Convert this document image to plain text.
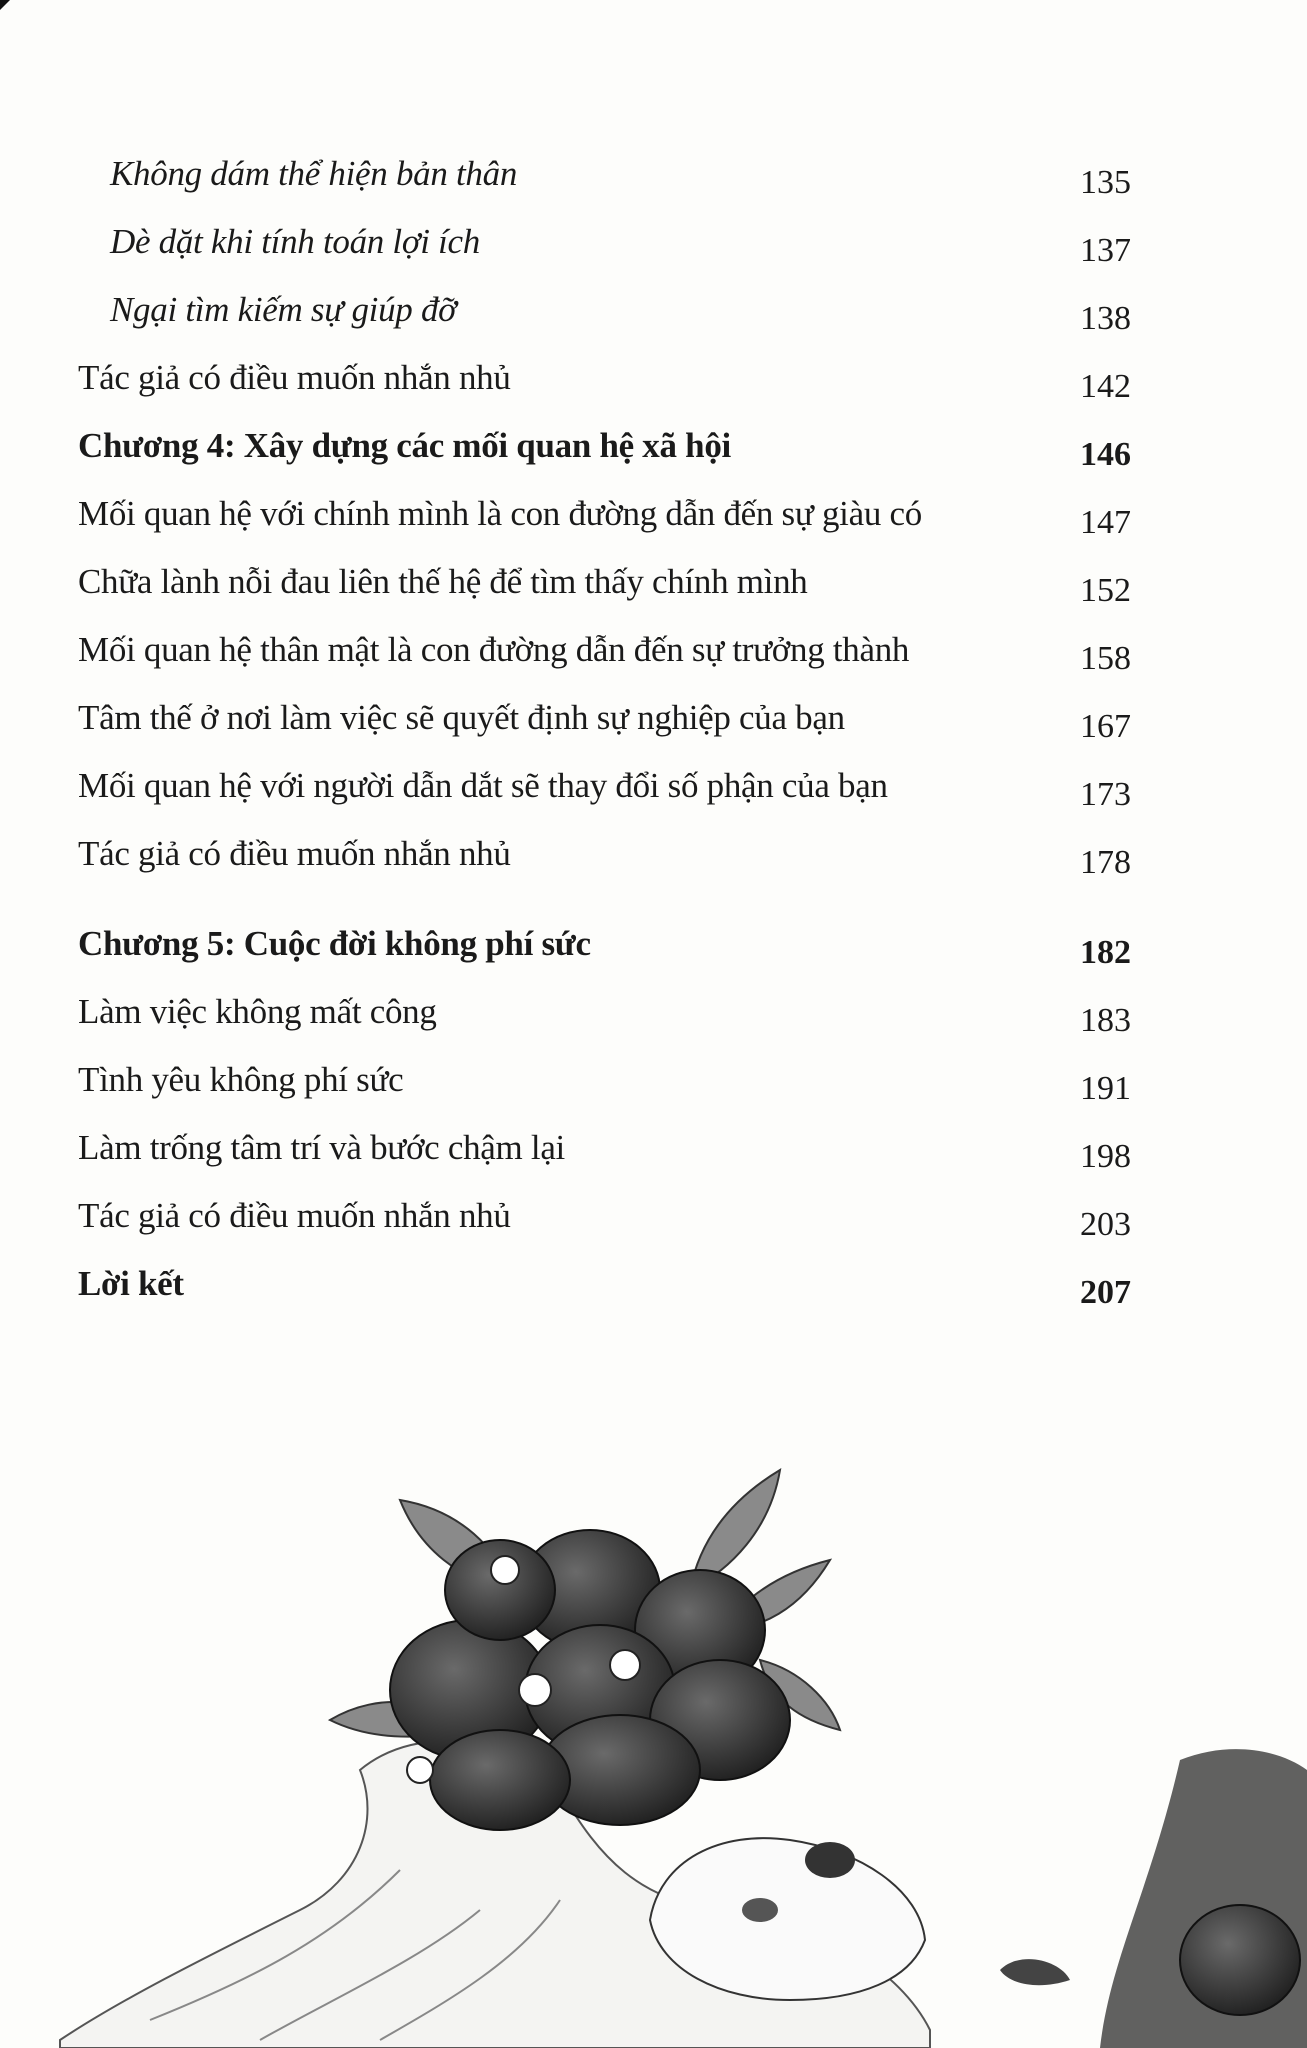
Không dám thể hiện bản thân	135
Dè dặt khi tính toán lợi ích	137
Ngại tìm kiếm sự giúp đỡ	138
Tác giả có điều muốn nhắn nhủ	142
Chương 4: Xây dựng các mối quan hệ xã hội	146
Mối quan hệ với chính mình là con đường dẫn đến sự giàu có	147
Chữa lành nỗi đau liên thế hệ để tìm thấy chính mình	152
Mối quan hệ thân mật là con đường dẫn đến sự trưởng thành	158
Tâm thế ở nơi làm việc sẽ quyết định sự nghiệp của bạn	167
Mối quan hệ với người dẫn dắt sẽ thay đổi số phận của bạn	173
Tác giả có điều muốn nhắn nhủ	178
Chương 5: Cuộc đời không phí sức	182
Làm việc không mất công	183
Tình yêu không phí sức	191
Làm trống tâm trí và bước chậm lại	198
Tác giả có điều muốn nhắn nhủ	203
Lời kết	207
